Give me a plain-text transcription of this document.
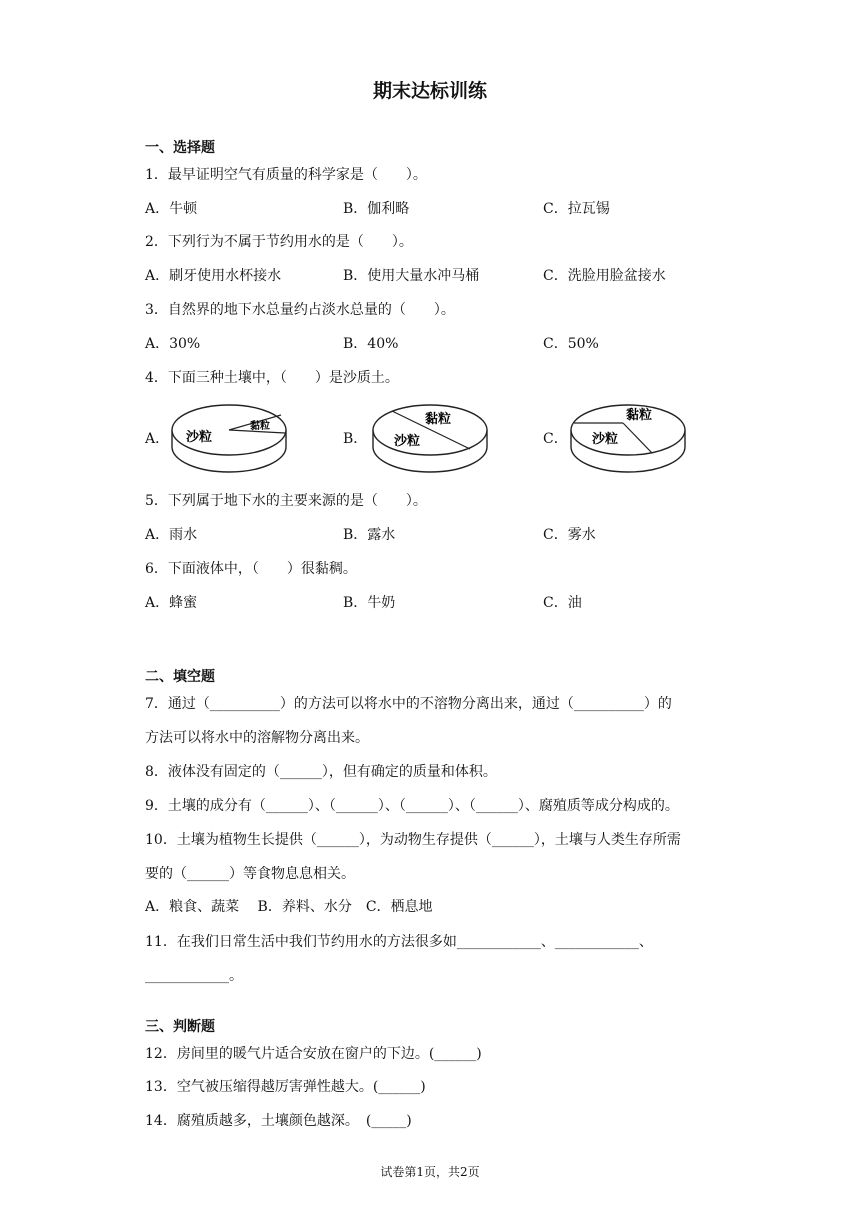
期末达标训练
一、选择题
1．最早证明空气有质量的科学家是（　　）。
A．牛顿	B．伽利略	C．拉瓦锡
2．下列行为不属于节约用水的是（　　）。
A．刷牙使用水杯接水	B．使用大量水冲马桶	C．洗脸用脸盆接水
3．自然界的地下水总量约占淡水总量的（　　）。
A．30%	B．40%	C．50%
4．下面三种土壤中，（　　）是沙质土。
A． 沙粒
黏粒
B．
黏粒
沙粒	C．
黏粒
沙粒
5．下列属于地下水的主要来源的是（　　）。
A．雨水	B．露水	C．雾水
6．下面液体中，（　　）很黏稠。
A．蜂蜜	B．牛奶	C．油
二、填空题
7．通过（__________）的方法可以将水中的不溶物分离出来，通过（__________）的
方法可以将水中的溶解物分离出来。
8．液体没有固定的（______），但有确定的质量和体积。
9．土壤的成分有（______）、（______）、（______）、（______）、腐殖质等成分构成的。
10．土壤为植物生长提供（______），为动物生存提供（______），土壤与人类生存所需
要的（______）等食物息息相关。
A．粮食、蔬菜　 B．养料、水分　C．栖息地
11．在我们日常生活中我们节约用水的方法很多如____________、____________、
____________。
三、判断题
12．房间里的暖气片适合安放在窗户的下边。(______)
13．空气被压缩得越厉害弹性越大。(______)
14．腐殖质越多，土壤颜色越深。　(_____)
试卷第1页，共2页
